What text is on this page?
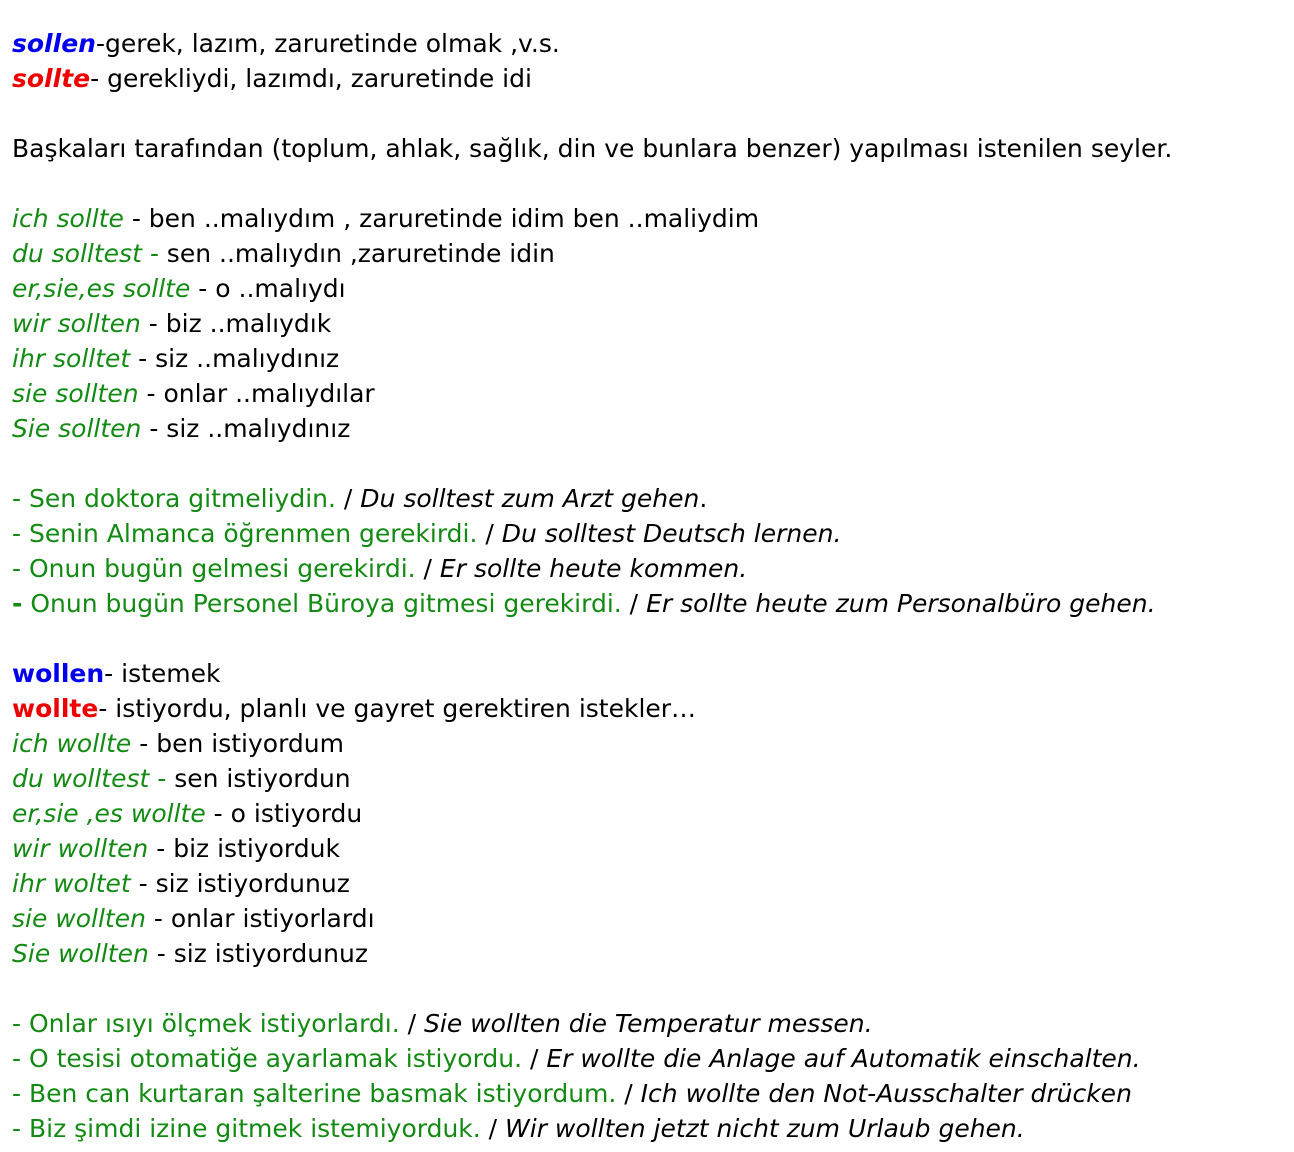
sollen-gerek, lazım, zaruretinde olmak ,v.s.
sollte- gerekliydi, lazımdı, zaruretinde idi
Başkaları tarafından (toplum, ahlak, sağlık, din ve bunlara benzer) yapılması istenilen seyler.
ich sollte - ben ..malıydım , zaruretinde idim ben ..maliydim
du solltest - sen ..malıydın ,zaruretinde idin
er,sie,es sollte - o ..malıydı
wir sollten - biz ..malıydık
ihr solltet - siz ..malıydınız
sie sollten - onlar ..malıydılar
Sie sollten - siz ..malıydınız
- Sen doktora gitmeliydin. / Du solltest zum Arzt gehen.
- Senin Almanca öğrenmen gerekirdi. / Du solltest Deutsch lernen.
- Onun bugün gelmesi gerekirdi. / Er sollte heute kommen.
- Onun bugün Personel Büroya gitmesi gerekirdi. / Er sollte heute zum Personalbüro gehen.
wollen- istemek
wollte- istiyordu, planlı ve gayret gerektiren istekler…
ich wollte - ben istiyordum
du wolltest - sen istiyordun
er,sie ,es wollte - o istiyordu
wir wollten - biz istiyorduk
ihr woltet - siz istiyordunuz
sie wollten - onlar istiyorlardı
Sie wollten - siz istiyordunuz
- Onlar ısıyı ölçmek istiyorlardı. / Sie wollten die Temperatur messen.
- O tesisi otomatiğe ayarlamak istiyordu. / Er wollte die Anlage auf Automatik einschalten.
- Ben can kurtaran şalterine basmak istiyordum. / Ich wollte den Not-Ausschalter drücken
- Biz şimdi izine gitmek istemiyorduk. / Wir wollten jetzt nicht zum Urlaub gehen.
